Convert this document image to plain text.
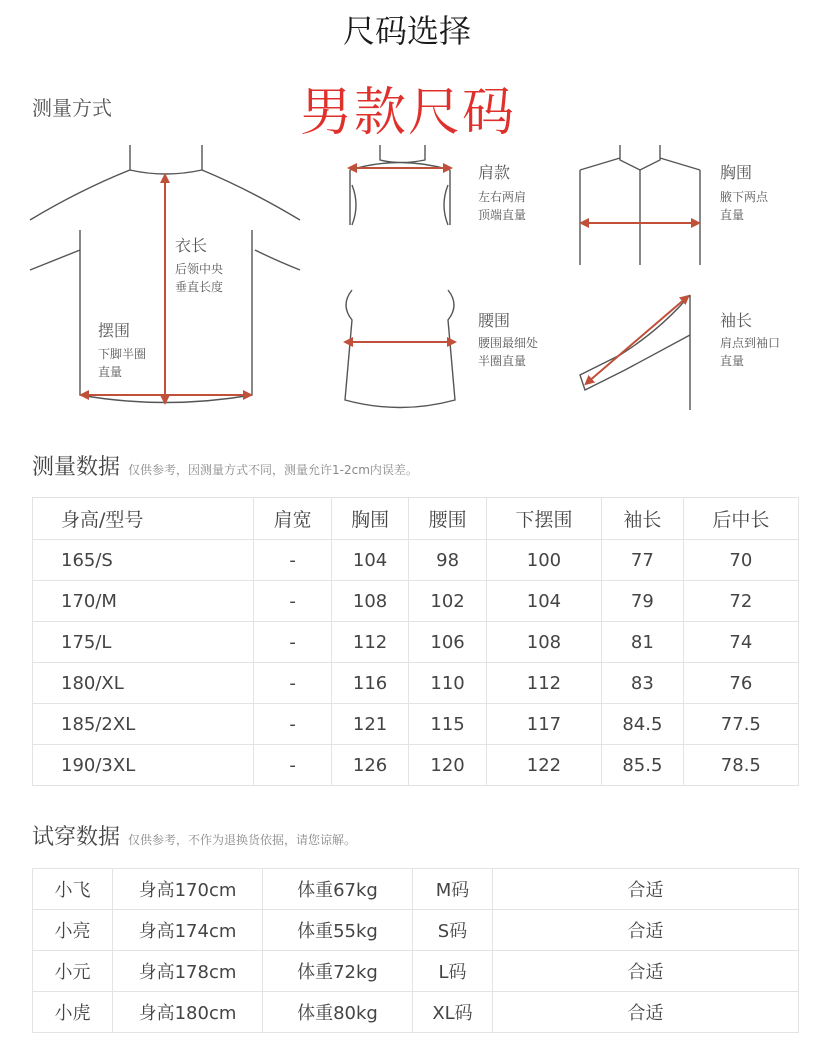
尺码选择
测量方式	男款尺码
衣长
后领中央
垂直长度
摆围
下脚半圈
直量
肩款
左右两肩
顶端直量
胸围
腋下两点
直量
腰围
腰围最细处
半圈直量
袖长
肩点到袖口
直量
测量数据 仅供参考，因测量方式不同，测量允许1-2cm内误差。
身高/型号	肩宽	胸围	腰围	下摆围	袖长	后中长
165/S	-	104	98	100	77	70
170/M	-	108	102	104	79	72
175/L	-	112	106	108	81	74
180/XL	-	116	110	112	83	76
185/2XL	-	121	115	117	84.5	77.5
190/3XL	-	126	120	122	85.5	78.5
试穿数据 仅供参考，不作为退换货依据，请您谅解。
小飞	身高170cm	体重67kg	M码	合适
小亮	身高174cm	体重55kg	S码	合适
小元	身高178cm	体重72kg	L码	合适
小虎	身高180cm	体重80kg	XL码	合适
